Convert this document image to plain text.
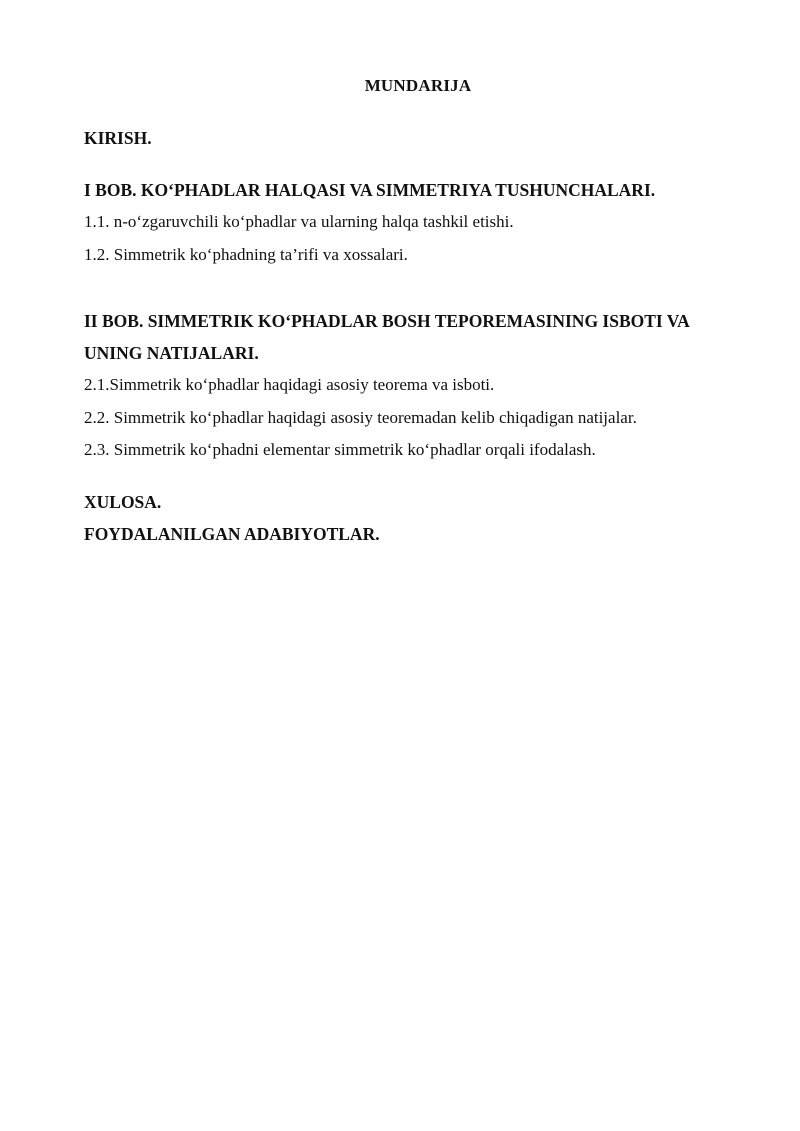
MUNDARIJA
KIRISH.
I BOB. KO‘PHADLAR HALQASI VA SIMMETRIYA TUSHUNCHALARI.
1.1. n-o‘zgaruvchili ko‘phadlar va ularning halqa tashkil etishi.
1.2. Simmetrik ko‘phadning ta’rifi va xossalari.
II BOB. SIMMETRIK KO‘PHADLAR BOSH TEPOREMASINING ISBOTI VA
UNING NATIJALARI.
2.1.Simmetrik ko‘phadlar haqidagi asosiy teorema va isboti.
2.2. Simmetrik ko‘phadlar haqidagi asosiy teoremadan kelib chiqadigan natijalar.
2.3. Simmetrik ko‘phadni elementar simmetrik ko‘phadlar orqali ifodalash.
XULOSA.
FOYDALANILGAN ADABIYOTLAR.
